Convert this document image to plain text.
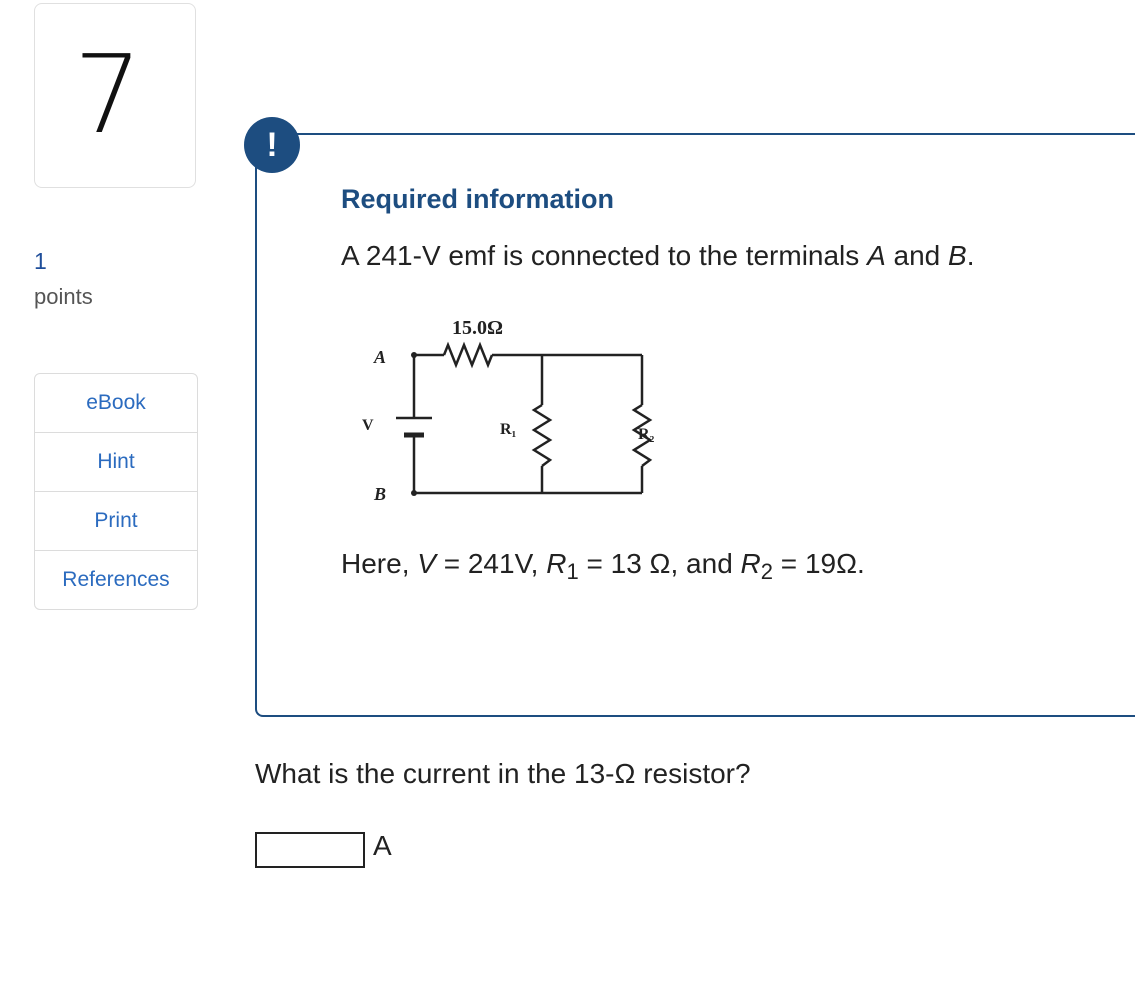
7
1
points
eBook
Hint
Print
References
!
Required information
A 241-V emf is connected to the terminals A and B.
15.0Ω
A
B
V	R₁	R₂
Here, V = 241V, $R_1 = 13$ Ω, and $R_2 = 19\Omega$.
What is the current in the 13-Ω resistor?
A
